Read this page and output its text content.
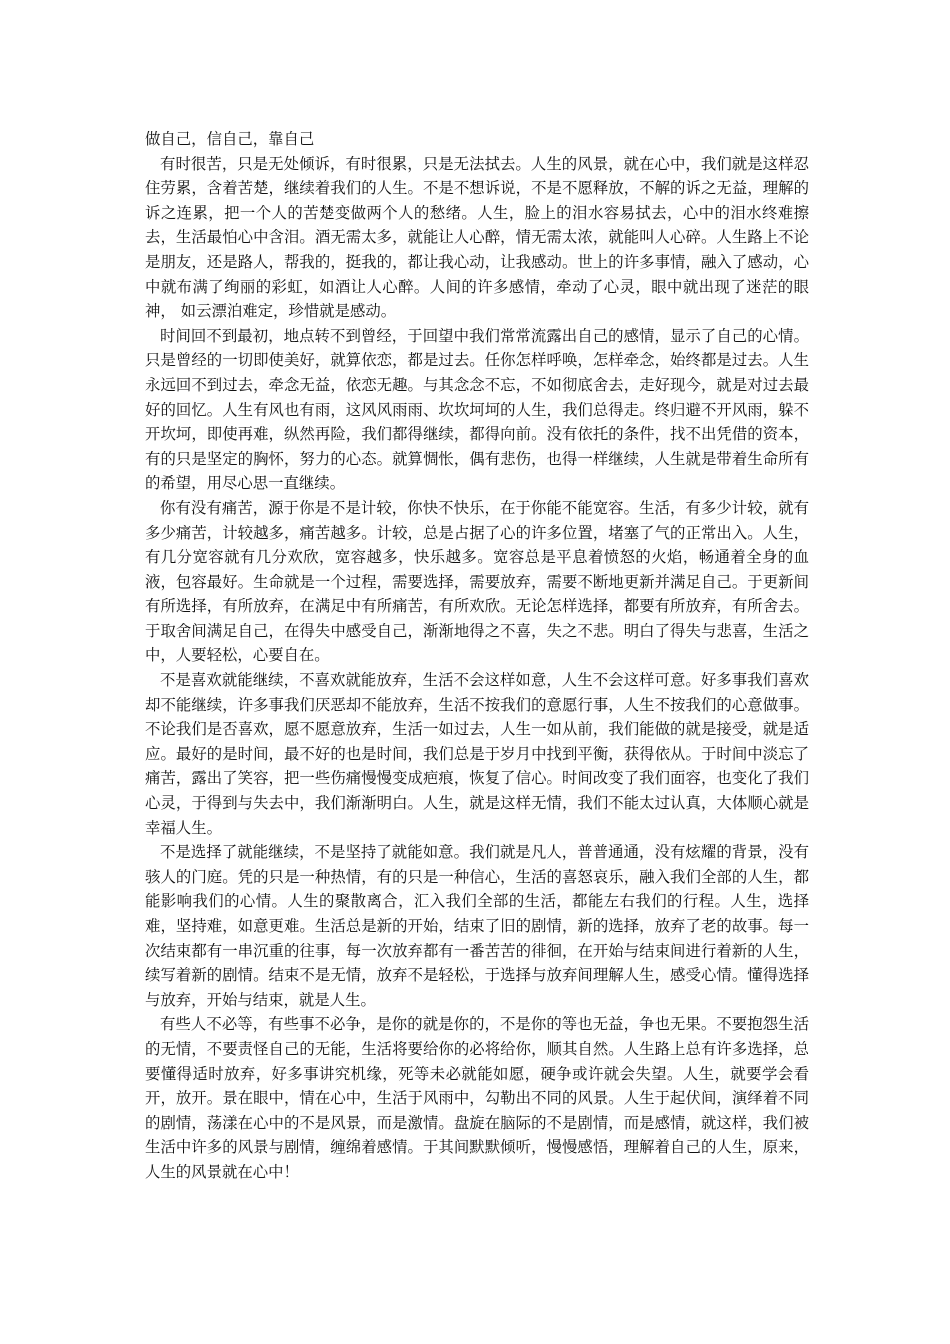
做自己，信自己，靠自己

有时很苦，只是无处倾诉，有时很累，只是无法拭去。人生的风景，就在心中，我们就是这样忍住劳累，含着苦楚，继续着我们的人生。不是不想诉说，不是不愿释放，不解的诉之无益，理解的诉之连累，把一个人的苦楚变做两个人的愁绪。人生，脸上的泪水容易拭去，心中的泪水终难擦去，生活最怕心中含泪。酒无需太多，就能让人心醉，情无需太浓，就能叫人心碎。人生路上不论是朋友，还是路人，帮我的，挺我的，都让我心动，让我感动。世上的许多事情，融入了感动，心中就布满了绚丽的彩虹，如酒让人心醉。人间的许多感情，牵动了心灵，眼中就出现了迷茫的眼神， 如云漂泊难定，珍惜就是感动。

时间回不到最初，地点转不到曾经，于回望中我们常常流露出自己的感情，显示了自己的心情。只是曾经的一切即使美好，就算依恋，都是过去。任你怎样呼唤，怎样牵念，始终都是过去。人生永远回不到过去，牵念无益，依恋无趣。与其念念不忘，不如彻底舍去，走好现今，就是对过去最好的回忆。人生有风也有雨，这风风雨雨、坎坎坷坷的人生，我们总得走。终归避不开风雨，躲不开坎坷，即使再难，纵然再险，我们都得继续，都得向前。没有依托的条件，找不出凭借的资本，有的只是坚定的胸怀，努力的心态。就算惆怅，偶有悲伤，也得一样继续，人生就是带着生命所有的希望，用尽心思一直继续。

你有没有痛苦，源于你是不是计较，你快不快乐，在于你能不能宽容。生活，有多少计较，就有多少痛苦，计较越多，痛苦越多。计较，总是占据了心的许多位置，堵塞了气的正常出入。人生，有几分宽容就有几分欢欣，宽容越多，快乐越多。宽容总是平息着愤怒的火焰，畅通着全身的血液，包容最好。生命就是一个过程，需要选择，需要放弃，需要不断地更新并满足自己。于更新间有所选择，有所放弃，在满足中有所痛苦，有所欢欣。无论怎样选择，都要有所放弃，有所舍去。于取舍间满足自己，在得失中感受自己，渐渐地得之不喜，失之不悲。明白了得失与悲喜，生活之中，人要轻松，心要自在。

不是喜欢就能继续，不喜欢就能放弃，生活不会这样如意，人生不会这样可意。好多事我们喜欢却不能继续，许多事我们厌恶却不能放弃，生活不按我们的意愿行事，人生不按我们的心意做事。不论我们是否喜欢，愿不愿意放弃，生活一如过去，人生一如从前，我们能做的就是接受，就是适应。最好的是时间，最不好的也是时间，我们总是于岁月中找到平衡，获得依从。于时间中淡忘了痛苦，露出了笑容，把一些伤痛慢慢变成疤痕，恢复了信心。时间改变了我们面容，也变化了我们心灵，于得到与失去中，我们渐渐明白。人生，就是这样无情，我们不能太过认真，大体顺心就是幸福人生。

不是选择了就能继续，不是坚持了就能如意。我们就是凡人，普普通通，没有炫耀的背景，没有骇人的门庭。凭的只是一种热情，有的只是一种信心，生活的喜怒哀乐，融入我们全部的人生，都能影响我们的心情。人生的聚散离合，汇入我们全部的生活，都能左右我们的行程。人生，选择难，坚持难，如意更难。生活总是新的开始，结束了旧的剧情，新的选择，放弃了老的故事。每一次结束都有一串沉重的往事，每一次放弃都有一番苦苦的徘徊，在开始与结束间进行着新的人生，续写着新的剧情。结束不是无情，放弃不是轻松，于选择与放弃间理解人生，感受心情。懂得选择与放弃，开始与结束，就是人生。

有些人不必等，有些事不必争，是你的就是你的，不是你的等也无益，争也无果。不要抱怨生活的无情，不要责怪自己的无能，生活将要给你的必将给你，顺其自然。人生路上总有许多选择，总要懂得适时放弃，好多事讲究机缘，死等未必就能如愿，硬争或许就会失望。人生，就要学会看开，放开。景在眼中，情在心中，生活于风雨中，勾勒出不同的风景。人生于起伏间，演绎着不同的剧情，荡漾在心中的不是风景，而是激情。盘旋在脑际的不是剧情，而是感情，就这样，我们被生活中许多的风景与剧情，缠绵着感情。于其间默默倾听，慢慢感悟，理解着自己的人生，原来，人生的风景就在心中！
